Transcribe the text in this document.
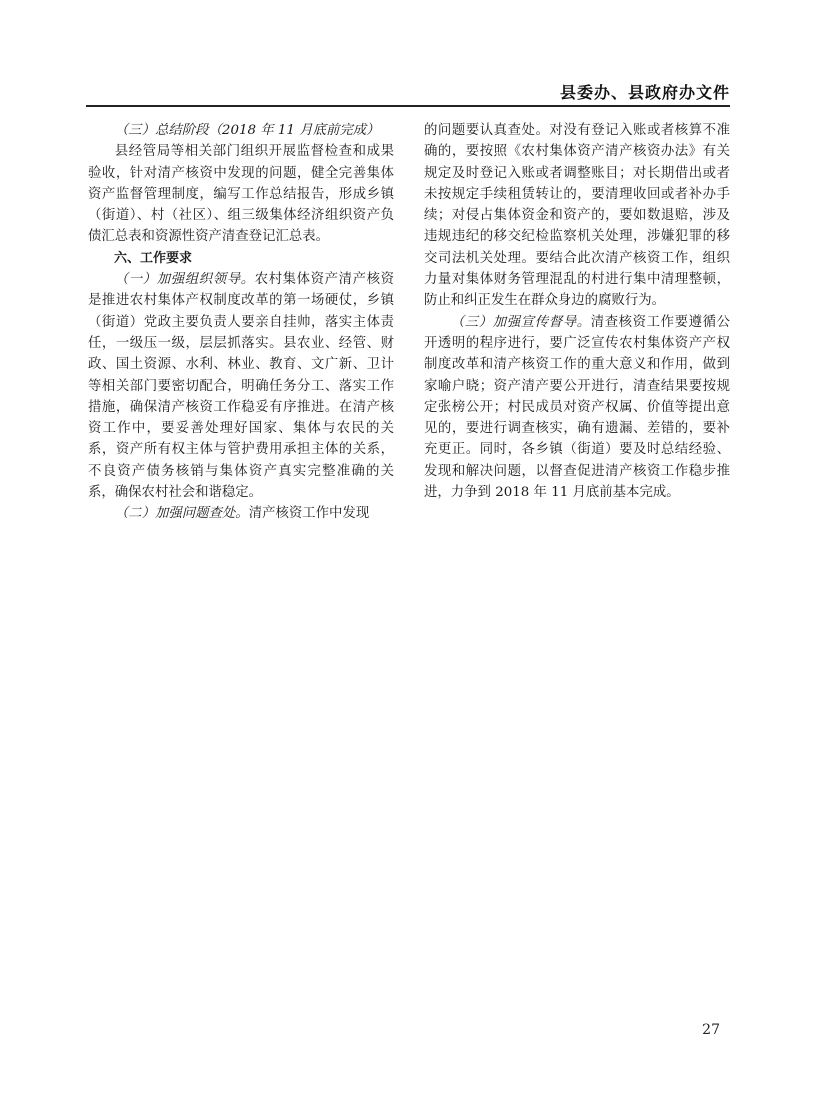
县委办、县政府办文件

（三）总结阶段（2018 年 11 月底前完成）

县经管局等相关部门组织开展监督检查和成果验收，针对清产核资中发现的问题，健全完善集体资产监督管理制度，编写工作总结报告，形成乡镇（街道）、村（社区）、组三级集体经济组织资产负债汇总表和资源性资产清查登记汇总表。

六、工作要求

（一）加强组织领导。农村集体资产清产核资是推进农村集体产权制度改革的第一场硬仗，乡镇（街道）党政主要负责人要亲自挂帅，落实主体责任，一级压一级，层层抓落实。县农业、经管、财政、国土资源、水利、林业、教育、文广新、卫计等相关部门要密切配合，明确任务分工、落实工作措施，确保清产核资工作稳妥有序推进。在清产核资工作中，要妥善处理好国家、集体与农民的关系，资产所有权主体与管护费用承担主体的关系，不良资产债务核销与集体资产真实完整准确的关系，确保农村社会和谐稳定。

（二）加强问题查处。清产核资工作中发现

的问题要认真查处。对没有登记入账或者核算不准确的，要按照《农村集体资产清产核资办法》有关规定及时登记入账或者调整账目；对长期借出或者未按规定手续租赁转让的，要清理收回或者补办手续；对侵占集体资金和资产的，要如数退赔，涉及违规违纪的移交纪检监察机关处理，涉嫌犯罪的移交司法机关处理。要结合此次清产核资工作，组织力量对集体财务管理混乱的村进行集中清理整顿，防止和纠正发生在群众身边的腐败行为。

（三）加强宣传督导。清查核资工作要遵循公开透明的程序进行，要广泛宣传农村集体资产产权制度改革和清产核资工作的重大意义和作用，做到家喻户晓；资产清产要公开进行，清查结果要按规定张榜公开；村民成员对资产权属、价值等提出意见的，要进行调查核实，确有遗漏、差错的，要补充更正。同时，各乡镇（街道）要及时总结经验、发现和解决问题，以督查促进清产核资工作稳步推进，力争到 2018 年 11 月底前基本完成。

27
